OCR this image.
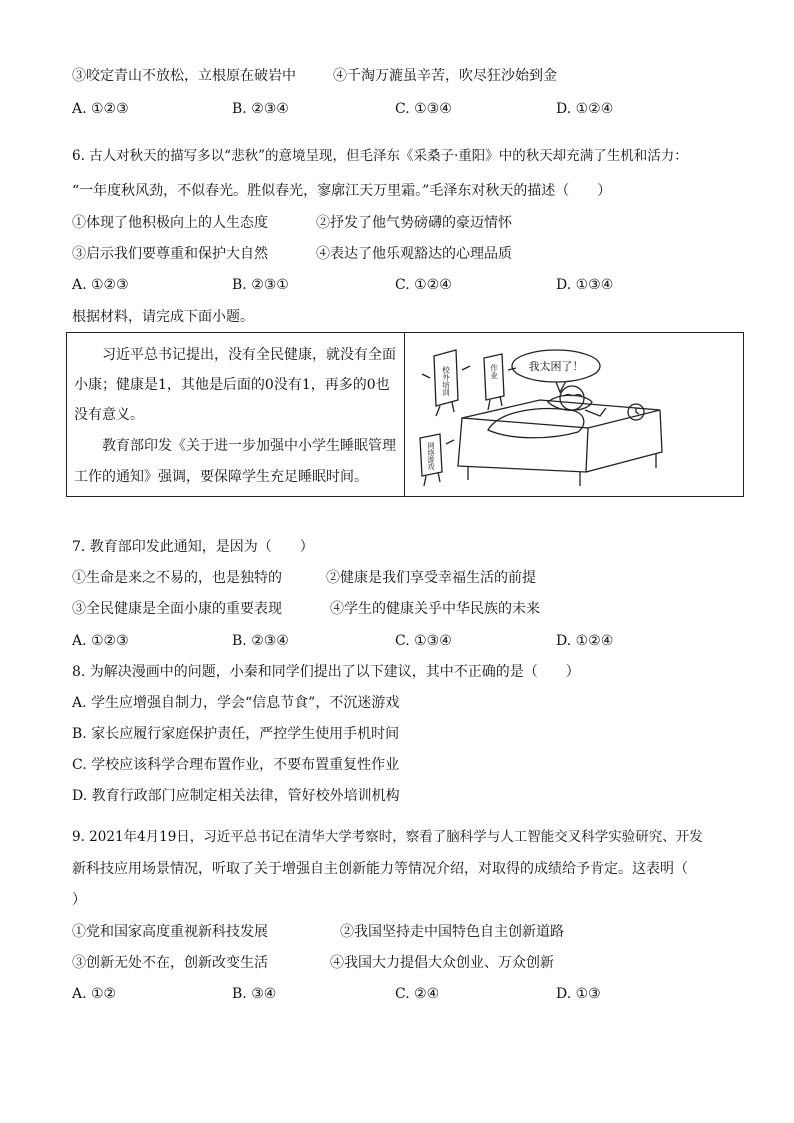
③咬定青山不放松，立根原在破岩中	④千淘万漉虽辛苦，吹尽狂沙始到金
A. ①②③	B. ②③④	C. ①③④	D. ①②④
6. 古人对秋天的描写多以“悲秋”的意境呈现，但毛泽东《采桑子·重阳》中的秋天却充满了生机和活力：
“一年度秋风劲，不似春光。胜似春光，寥廓江天万里霜。”毛泽东对秋天的描述（　　）
①体现了他积极向上的人生态度	②抒发了他气势磅礴的豪迈情怀
③启示我们要尊重和保护大自然	④表达了他乐观豁达的心理品质
A. ①②③	B. ②③①	C. ①②④	D. ①③④
根据材料，请完成下面小题。
　　习近平总书记提出，没有全民健康，就没有全面
小康；健康是1，其他是后面的0没有1，再多的0也
没有意义。
　　教育部印发《关于进一步加强中小学生睡眠管理
工作的通知》强调，要保障学生充足睡眠时间。
我太困了！
校外培训	作业
网络游戏
7. 教育部印发此通知，是因为（　　）
①生命是来之不易的，也是独特的	②健康是我们享受幸福生活的前提
③全民健康是全面小康的重要表现	④学生的健康关乎中华民族的未来
A. ①②③	B. ②③④	C. ①③④	D. ①②④
8. 为解决漫画中的问题，小秦和同学们提出了以下建议，其中不正确的是（　　）
A. 学生应增强自制力，学会“信息节食”，不沉迷游戏
B. 家长应履行家庭保护责任，严控学生使用手机时间
C. 学校应该科学合理布置作业，不要布置重复性作业
D. 教育行政部门应制定相关法律，管好校外培训机构
9. 2021年4月19日，习近平总书记在清华大学考察时，察看了脑科学与人工智能交叉科学实验研究、开发
新科技应用场景情况，听取了关于增强自主创新能力等情况介绍，对取得的成绩给予肯定。这表明（
）
①党和国家高度重视新科技发展	②我国坚持走中国特色自主创新道路
③创新无处不在，创新改变生活	④我国大力提倡大众创业、万众创新
A. ①②	B. ③④	C. ②④	D. ①③
